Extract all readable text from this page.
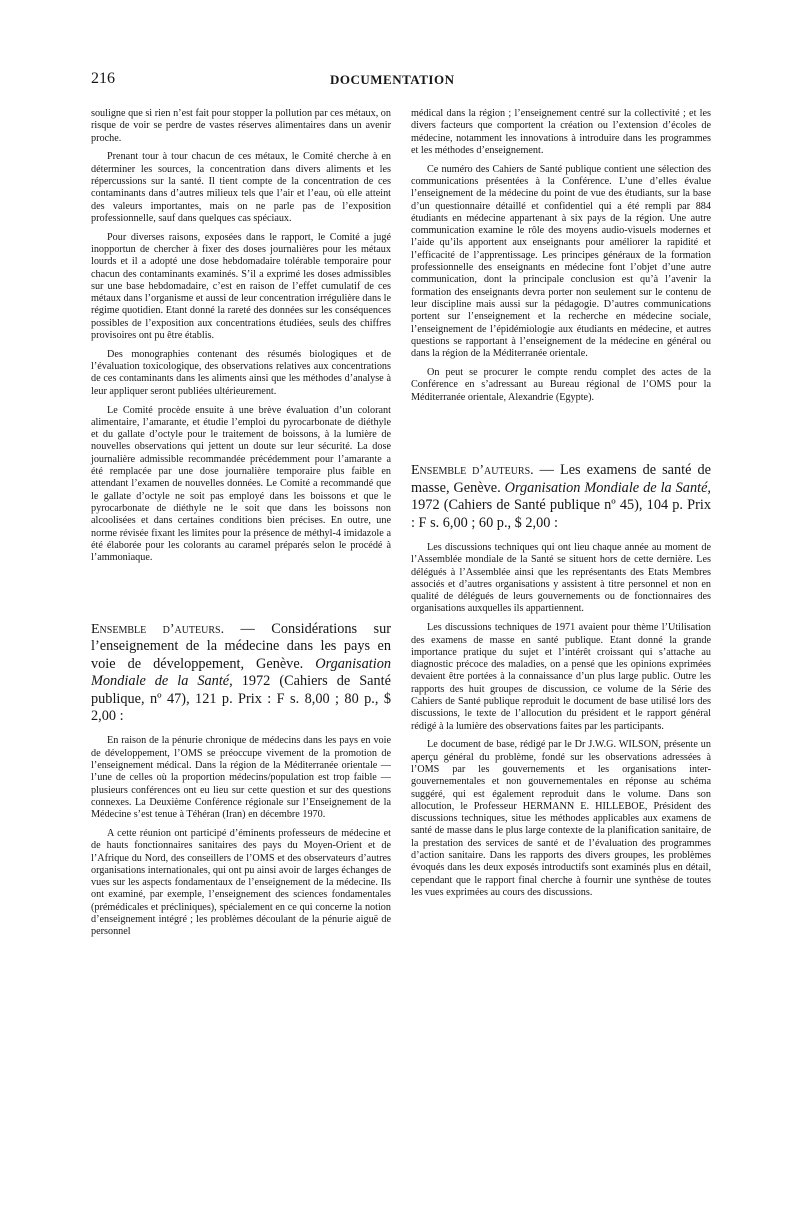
216	DOCUMENTATION

souligne que si rien n’est fait pour stopper la pollution par ces métaux, on risque de voir se perdre de vastes réserves alimentaires dans un avenir proche.

Prenant tour à tour chacun de ces métaux, le Comité cherche à en déterminer les sources, la concentration dans divers aliments et les répercussions sur la santé. Il tient compte de la concentration de ces contaminants dans d’autres milieux tels que l’air et l’eau, où elle atteint des valeurs importantes, mais on ne parle pas de l’exposition professionnelle, sauf dans quelques cas spéciaux.

Pour diverses raisons, exposées dans le rapport, le Comité a jugé inopportun de chercher à fixer des doses journalières pour les métaux lourds et il a adopté une dose hebdomadaire tolérable temporaire pour chacun des contaminants examinés. S’il a exprimé les doses admissibles sur une base hebdomadaire, c’est en raison de l’effet cumulatif de ces métaux dans l’organisme et aussi de leur concentration irrégulière dans le régime quotidien. Etant donné la rareté des données sur les conséquences possibles de l’exposition aux concentrations étudiées, seuls des chiffres provisoires ont pu être établis.

Des monographies contenant des résumés biologiques et de l’évaluation toxicologique, des observations relatives aux concentrations de ces contaminants dans les aliments ainsi que les méthodes d’analyse à leur appliquer seront publiées ultérieurement.

Le Comité procède ensuite à une brève évaluation d’un colorant alimentaire, l’amarante, et étudie l’emploi du pyrocarbonate de diéthyle et du gallate d’octyle pour le traitement de boissons, à la lumière de nouvelles observations qui jettent un doute sur leur sécurité. La dose journalière admissible recommandée précédemment pour l’amarante a été remplacée par une dose journalière temporaire plus faible en attendant l’examen de nouvelles données. Le Comité a recommandé que le gallate d’octyle ne soit pas employé dans les boissons et que le pyrocarbonate de diéthyle ne le soit que dans les boissons non alcoolisées et dans certaines conditions bien précises. En outre, une norme révisée fixant les limites pour la présence de méthyl-4 imidazole a été élaborée pour les colorants au caramel préparés selon le procédé à l’ammoniaque.

Ensemble d’auteurs. — Considérations sur l’enseignement de la médecine dans les pays en voie de développement, Genève. Organisation Mondiale de la Santé, 1972 (Cahiers de Santé publique, nº 47), 121 p. Prix : F s. 8,00 ; 80 p., $ 2,00 :

En raison de la pénurie chronique de médecins dans les pays en voie de développement, l’OMS se préoccupe vivement de la promotion de l’enseignement médical. Dans la région de la Méditerranée orientale — l’une de celles où la proportion médecins/population est trop faible — plusieurs conférences ont eu lieu sur cette question et sur des questions connexes. La Deuxième Conférence régionale sur l’Enseignement de la Médecine s’est tenue à Téhéran (Iran) en décembre 1970.

A cette réunion ont participé d’éminents professeurs de médecine et de hauts fonctionnaires sanitaires des pays du Moyen-Orient et de l’Afrique du Nord, des conseillers de l’OMS et des observateurs d’autres organisations internationales, qui ont pu ainsi avoir de larges échanges de vues sur les aspects fondamentaux de l’enseignement de la médecine. Ils ont examiné, par exemple, l’enseignement des sciences fondamentales (prémédicales et précliniques), spécialement en ce qui concerne la notion d’enseignement intégré ; les problèmes découlant de la pénurie aiguë de personnel

médical dans la région ; l’enseignement centré sur la collectivité ; et les divers facteurs que comportent la création ou l’extension d’écoles de médecine, notamment les innovations à introduire dans les programmes et les méthodes d’enseignement.

Ce numéro des Cahiers de Santé publique contient une sélection des communications présentées à la Conférence. L’une d’elles évalue l’enseignement de la médecine du point de vue des étudiants, sur la base d’un questionnaire détaillé et confidentiel qui a été rempli par 884 étudiants en médecine appartenant à six pays de la région. Une autre communication examine le rôle des moyens audio-visuels modernes et l’aide qu’ils apportent aux enseignants pour améliorer la rapidité et l’efficacité de l’apprentissage. Les principes généraux de la formation professionnelle des enseignants en médecine font l’objet d’une autre communication, dont la principale conclusion est qu’à l’avenir la formation des enseignants devra porter non seulement sur le contenu de leur discipline mais aussi sur la pédagogie. D’autres communications portent sur l’enseignement et la recherche en médecine sociale, l’enseignement de l’épidémiologie aux étudiants en médecine, et autres questions se rapportant à l’enseignement de la médecine en général ou dans la région de la Méditerranée orientale.

On peut se procurer le compte rendu complet des actes de la Conférence en s’adressant au Bureau régional de l’OMS pour la Méditerranée orientale, Alexandrie (Egypte).

Ensemble d’auteurs. — Les examens de santé de masse, Genève. Organisation Mondiale de la Santé, 1972 (Cahiers de Santé publique nº 45), 104 p. Prix : F s. 6,00 ; 60 p., $ 2,00 :

Les discussions techniques qui ont lieu chaque année au moment de l’Assemblée mondiale de la Santé se situent hors de cette dernière. Les délégués à l’Assemblée ainsi que les représentants des Etats Membres associés et d’autres organisations y assistent à titre personnel et non en qualité de délégués de leurs gouvernements ou de fonctionnaires des organisations auxquelles ils appartiennent.

Les discussions techniques de 1971 avaient pour thème l’Utilisation des examens de masse en santé publique. Etant donné la grande importance pratique du sujet et l’intérêt croissant qui s’attache au diagnostic précoce des maladies, on a pensé que les opinions exprimées devaient être portées à la connaissance d’un plus large public. Outre les rapports des huit groupes de discussion, ce volume de la Série des Cahiers de Santé publique reproduit le document de base utilisé lors des discussions, le texte de l’allocution du président et le rapport général rédigé à la lumière des observations faites par les participants.

Le document de base, rédigé par le Dr J.W.G. WILSON, présente un aperçu général du problème, fondé sur les observations adressées à l’OMS par les gouvernements et les organisations inter-gouvernementales et non gouvernementales en réponse au schéma suggéré, qui est également reproduit dans le volume. Dans son allocution, le Professeur HERMANN E. HILLEBOE, Président des discussions techniques, situe les méthodes applicables aux examens de santé de masse dans le plus large contexte de la planification sanitaire, de la prestation des services de santé et de l’évaluation des programmes d’action sanitaire. Dans les rapports des divers groupes, les problèmes évoqués dans les deux exposés introductifs sont examinés plus en détail, cependant que le rapport final cherche à fournir une synthèse de toutes les vues exprimées au cours des discussions.
